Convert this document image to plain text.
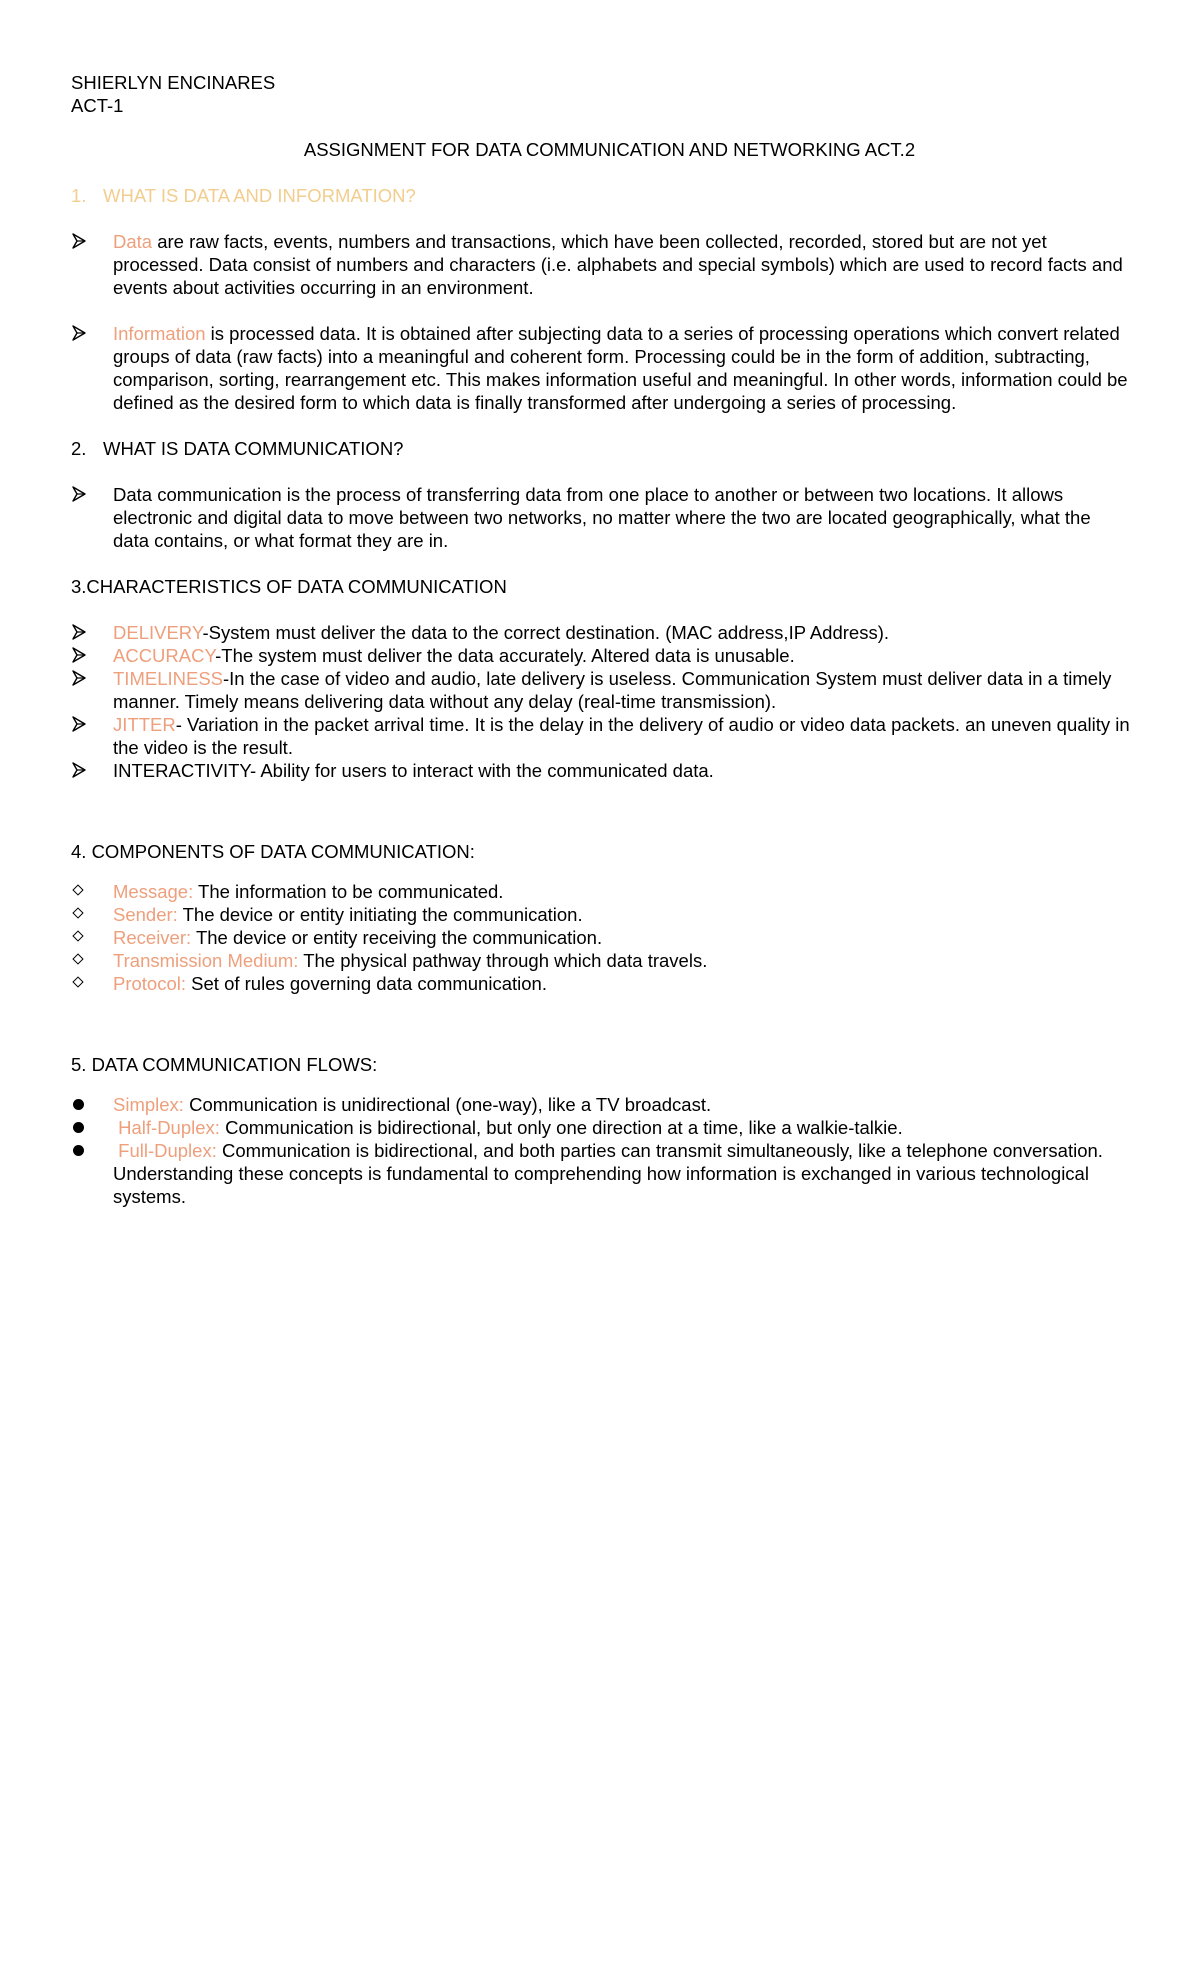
SHIERLYN ENCINARES
ACT-1
ASSIGNMENT FOR DATA COMMUNICATION AND NETWORKING ACT.2
1. WHAT IS DATA AND INFORMATION?
Data are raw facts, events, numbers and transactions, which have been collected, recorded, stored but are not yet processed. Data consist of numbers and characters (i.e. alphabets and special symbols) which are used to record facts and events about activities occurring in an environment.
Information is processed data. It is obtained after subjecting data to a series of processing operations which convert related groups of data (raw facts) into a meaningful and coherent form. Processing could be in the form of addition, subtracting, comparison, sorting, rearrangement etc. This makes information useful and meaningful. In other words, information could be defined as the desired form to which data is finally transformed after undergoing a series of processing.
2. WHAT IS DATA COMMUNICATION?
Data communication is the process of transferring data from one place to another or between two locations. It allows electronic and digital data to move between two networks, no matter where the two are located geographically, what the data contains, or what format they are in.
3.CHARACTERISTICS OF DATA COMMUNICATION
DELIVERY-System must deliver the data to the correct destination. (MAC address,IP Address).
ACCURACY-The system must deliver the data accurately. Altered data is unusable.
TIMELINESS-In the case of video and audio, late delivery is useless. Communication System must deliver data in a timely manner. Timely means delivering data without any delay (real-time transmission).
JITTER- Variation in the packet arrival time. It is the delay in the delivery of audio or video data packets. an uneven quality in the video is the result.
INTERACTIVITY- Ability for users to interact with the communicated data.
4. COMPONENTS OF DATA COMMUNICATION:
Message: The information to be communicated.
Sender: The device or entity initiating the communication.
Receiver: The device or entity receiving the communication.
Transmission Medium: The physical pathway through which data travels.
Protocol: Set of rules governing data communication.
5. DATA COMMUNICATION FLOWS:
Simplex: Communication is unidirectional (one-way), like a TV broadcast.
Half-Duplex: Communication is bidirectional, but only one direction at a time, like a walkie-talkie.
Full-Duplex: Communication is bidirectional, and both parties can transmit simultaneously, like a telephone conversation. Understanding these concepts is fundamental to comprehending how information is exchanged in various technological systems.
